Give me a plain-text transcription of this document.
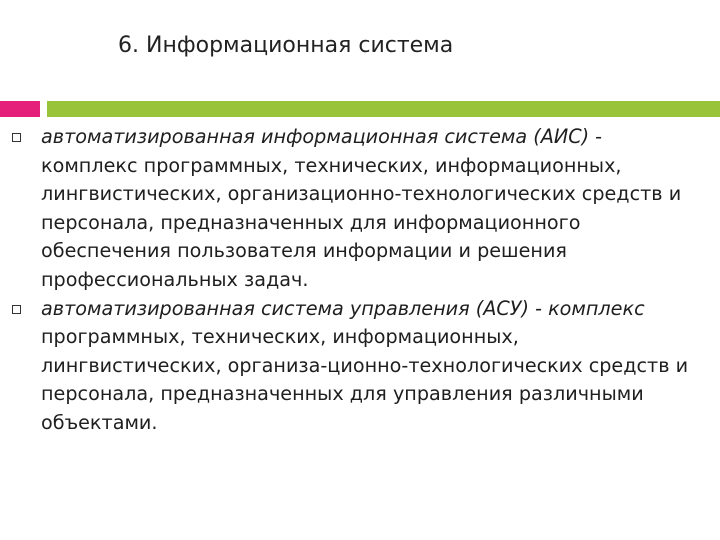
6. Информационная система
автоматизированная информационная система (АИС) - комплекс программных, технических, информационных, лингвистических, организационно-технологических средств и персонала, предназначенных для информационного обеспечения пользователя информации и решения профессиональных задач.
автоматизированная система управления (АСУ) - комплекс программных, технических, информационных, лингвистических, организа-ционно-технологических средств и персонала, предназначенных для управления различными объектами.
